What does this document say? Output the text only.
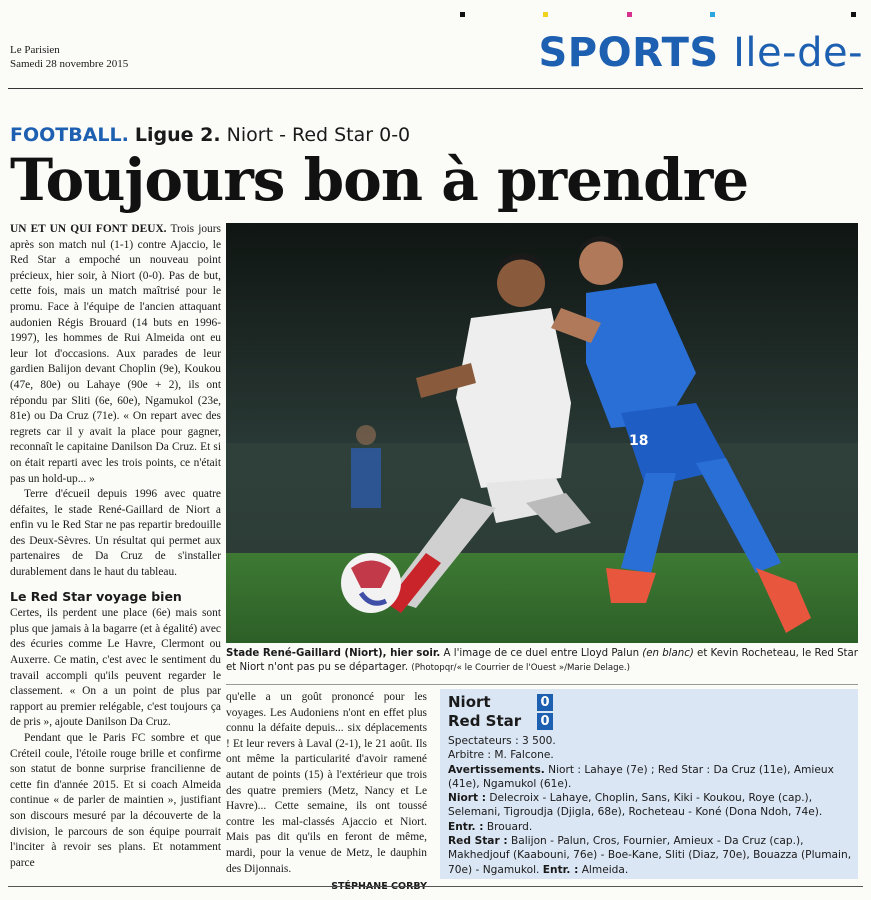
Le Parisien
Samedi 28 novembre 2015	SPORTS Ile-de-
FOOTBALL. Ligue 2. Niort - Red Star 0-0
Toujours bon à prendre

UN ET UN QUI FONT DEUX. Trois jours après son match nul (1-1) contre Ajaccio, le Red Star a empoché un nouveau point précieux, hier soir, à Niort (0-0). Pas de but, cette fois, mais un match maîtrisé pour le promu. Face à l'équipe de l'ancien attaquant audonien Régis Brouard (14 buts en 1996-1997), les hommes de Rui Almeida ont eu leur lot d'occasions. Aux parades de leur gardien Balijon devant Choplin (9e), Koukou (47e, 80e) ou Lahaye (90e + 2), ils ont répondu par Sliti (6e, 60e), Ngamukol (23e, 81e) ou Da Cruz (71e). « On repart avec des regrets car il y avait la place pour gagner, reconnaît le capitaine Danilson Da Cruz. Et si on était reparti avec les trois points, ce n'était pas un hold-up... »

Terre d'écueil depuis 1996 avec quatre défaites, le stade René-Gaillard de Niort a enfin vu le Red Star ne pas repartir bredouille des Deux-Sèvres. Un résultat qui permet aux partenaires de Da Cruz de s'installer durablement dans le haut du tableau.

Le Red Star voyage bien

Certes, ils perdent une place (6e) mais sont plus que jamais à la bagarre (et à égalité) avec des écuries comme Le Havre, Clermont ou Auxerre. Ce matin, c'est avec le sentiment du travail accompli qu'ils peuvent regarder le classement. « On a un point de plus par rapport au premier relégable, c'est toujours ça de pris », ajoute Danilson Da Cruz.

Pendant que le Paris FC sombre et que Créteil coule, l'étoile rouge brille et confirme son statut de bonne surprise francilienne de cette fin d'année 2015. Et si coach Almeida continue « de parler de maintien », justifiant son discours mesuré par la découverte de la division, le parcours de son équipe pourrait l'inciter à revoir ses plans. Et notamment parce

18
Stade René-Gaillard (Niort), hier soir. A l'image de ce duel entre Lloyd Palun (en blanc) et Kevin Rocheteau, le Red Star et Niort n'ont pas pu se départager. (Photopqr/« le Courrier de l'Ouest »/Marie Delage.)

qu'elle a un goût prononcé pour les voyages. Les Audoniens n'ont en effet plus connu la défaite depuis... six déplacements ! Et leur revers à Laval (2-1), le 21 août. Ils ont même la particularité d'avoir ramené autant de points (15) à l'extérieur que trois des quatre premiers (Metz, Nancy et Le Havre)... Cette semaine, ils ont toussé contre les mal-classés Ajaccio et Niort. Mais pas dit qu'ils en feront de même, mardi, pour la venue de Metz, le dauphin des Dijonnais.

Niort	0
Red Star	0

Spectateurs : 3 500.

Arbitre : M. Falcone.

Avertissements. Niort : Lahaye (7e) ; Red Star : Da Cruz (11e), Amieux (41e), Ngamukol (61e).

Niort : Delecroix - Lahaye, Choplin, Sans, Kiki - Koukou, Roye (cap.), Selemani, Tigroudja (Djigla, 68e), Rocheteau - Koné (Dona Ndoh, 74e).

Entr. : Brouard.

Red Star : Balijon - Palun, Cros, Fournier, Amieux - Da Cruz (cap.), Makhedjouf (Kaabouni, 76e) - Boe-Kane, Sliti (Diaz, 70e), Bouazza (Plumain, 70e) - Ngamukol. Entr. : Almeida.
